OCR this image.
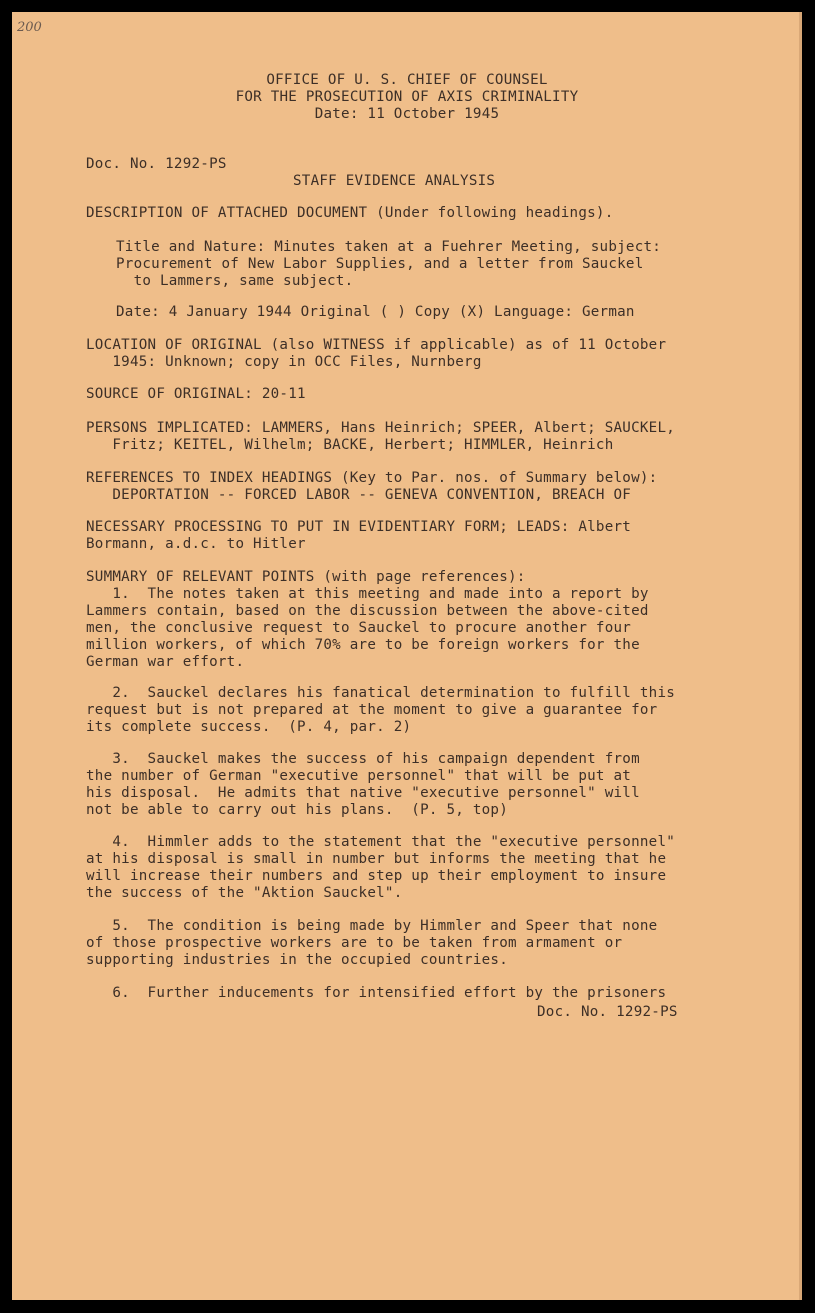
200
OFFICE OF U. S. CHIEF OF COUNSEL
FOR THE PROSECUTION OF AXIS CRIMINALITY
Date: 11 October 1945
Doc. No. 1292-PS
STAFF EVIDENCE ANALYSIS
DESCRIPTION OF ATTACHED DOCUMENT (Under following headings).
Title and Nature: Minutes taken at a Fuehrer Meeting, subject:
Procurement of New Labor Supplies, and a letter from Sauckel
to Lammers, same subject.
Date: 4 January 1944 Original ( ) Copy (X) Language: German
LOCATION OF ORIGINAL (also WITNESS if applicable) as of 11 October
1945: Unknown; copy in OCC Files, Nurnberg
SOURCE OF ORIGINAL: 20-11
PERSONS IMPLICATED: LAMMERS, Hans Heinrich; SPEER, Albert; SAUCKEL,
Fritz; KEITEL, Wilhelm; BACKE, Herbert; HIMMLER, Heinrich
REFERENCES TO INDEX HEADINGS (Key to Par. nos. of Summary below):
DEPORTATION -- FORCED LABOR -- GENEVA CONVENTION, BREACH OF
NECESSARY PROCESSING TO PUT IN EVIDENTIARY FORM; LEADS: Albert
Bormann, a.d.c. to Hitler
SUMMARY OF RELEVANT POINTS (with page references):
1.  The notes taken at this meeting and made into a report by
Lammers contain, based on the discussion between the above-cited
men, the conclusive request to Sauckel to procure another four
million workers, of which 70% are to be foreign workers for the
German war effort.
2.  Sauckel declares his fanatical determination to fulfill this
request but is not prepared at the moment to give a guarantee for
its complete success.  (P. 4, par. 2)
3.  Sauckel makes the success of his campaign dependent from
the number of German "executive personnel" that will be put at
his disposal.  He admits that native "executive personnel" will
not be able to carry out his plans.  (P. 5, top)
4.  Himmler adds to the statement that the "executive personnel"
at his disposal is small in number but informs the meeting that he
will increase their numbers and step up their employment to insure
the success of the "Aktion Sauckel".
5.  The condition is being made by Himmler and Speer that none
of those prospective workers are to be taken from armament or
supporting industries in the occupied countries.
6.  Further inducements for intensified effort by the prisoners
Doc. No. 1292-PS
